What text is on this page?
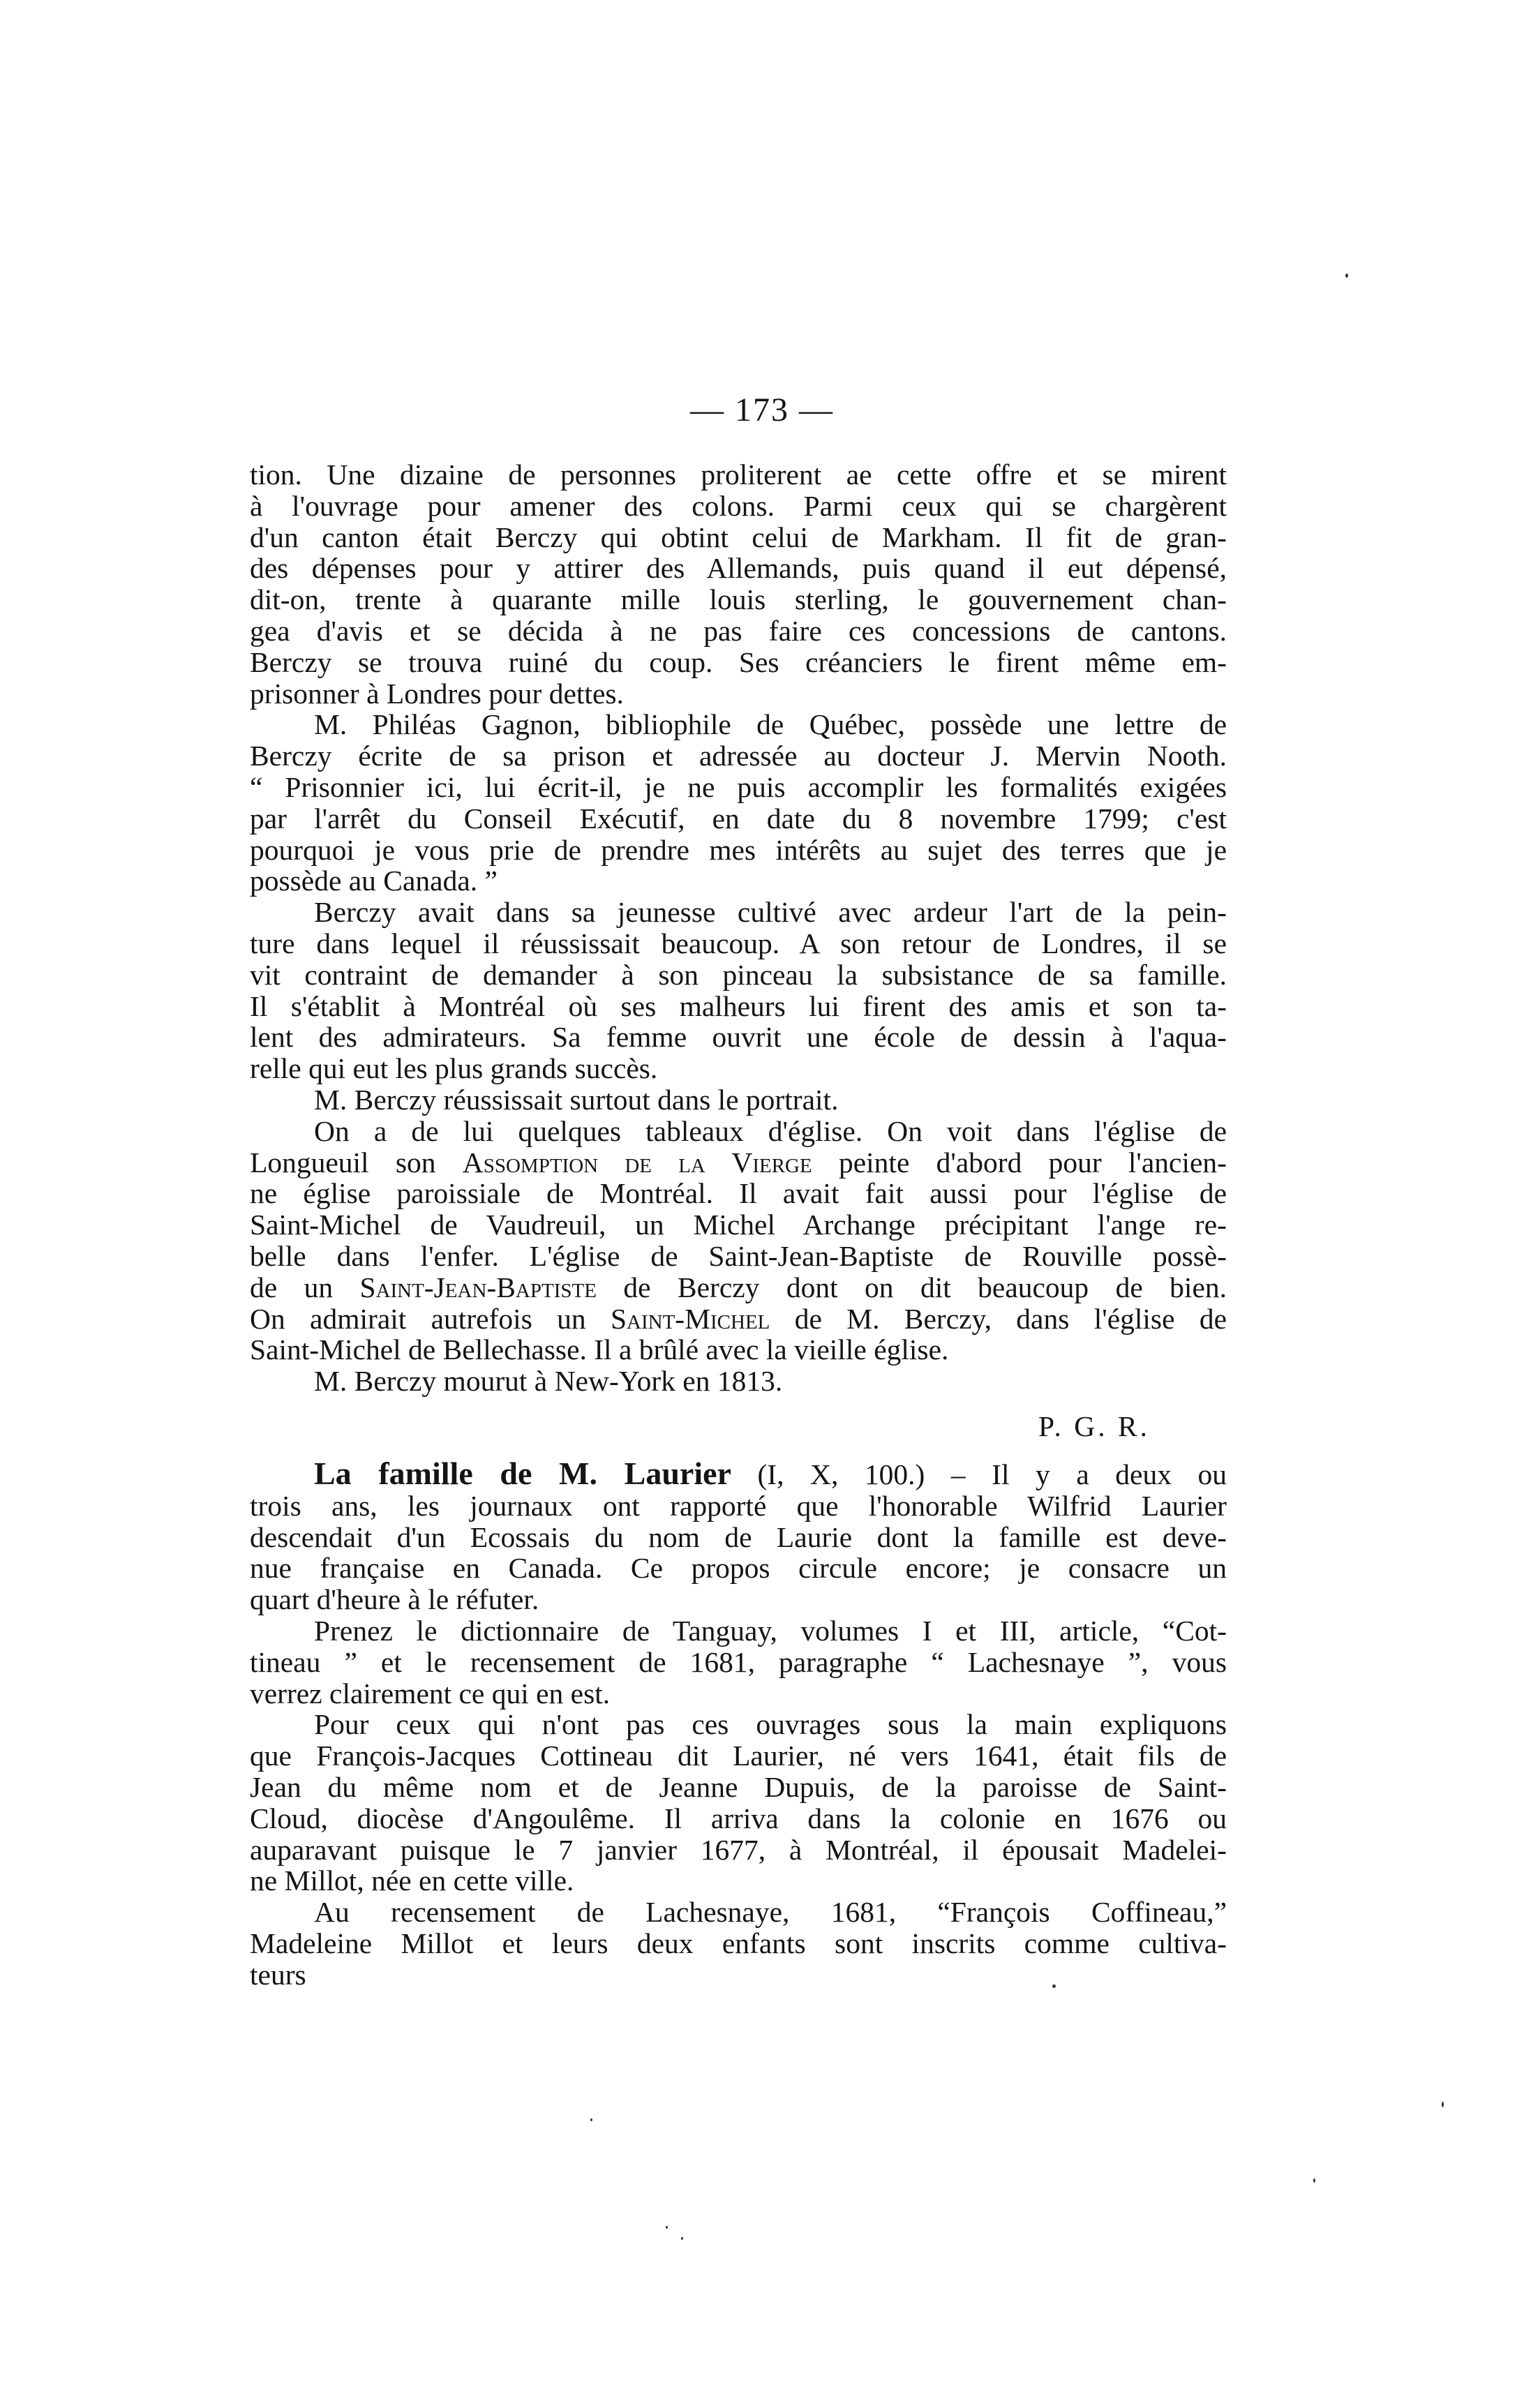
— 173 —
tion. Une dizaine de personnes proliterent ae cette offre et se mirent
à l'ouvrage pour amener des colons. Parmi ceux qui se chargèrent
d'un canton était Berczy qui obtint celui de Markham. Il fit de gran-
des dépenses pour y attirer des Allemands, puis quand il eut dépensé,
dit-on, trente à quarante mille louis sterling, le gouvernement chan-
gea d'avis et se décida à ne pas faire ces concessions de cantons.
Berczy se trouva ruiné du coup. Ses créanciers le firent même em-
prisonner à Londres pour dettes.
M. Philéas Gagnon, bibliophile de Québec, possède une lettre de
Berczy écrite de sa prison et adressée au docteur J. Mervin Nooth.
“ Prisonnier ici, lui écrit-il, je ne puis accomplir les formalités exigées
par l'arrêt du Conseil Exécutif, en date du 8 novembre 1799; c'est
pourquoi je vous prie de prendre mes intérêts au sujet des terres que je
possède au Canada. ”
Berczy avait dans sa jeunesse cultivé avec ardeur l'art de la pein-
ture dans lequel il réussissait beaucoup. A son retour de Londres, il se
vit contraint de demander à son pinceau la subsistance de sa famille.
Il s'établit à Montréal où ses malheurs lui firent des amis et son ta-
lent des admirateurs. Sa femme ouvrit une école de dessin à l'aqua-
relle qui eut les plus grands succès.
M. Berczy réussissait surtout dans le portrait.
On a de lui quelques tableaux d'église. On voit dans l'église de
Longueuil son Assomption de la Vierge peinte d'abord pour l'ancien-
ne église paroissiale de Montréal. Il avait fait aussi pour l'église de
Saint-Michel de Vaudreuil, un Michel Archange précipitant l'ange re-
belle dans l'enfer. L'église de Saint-Jean-Baptiste de Rouville possè-
de un Saint-Jean-Baptiste de Berczy dont on dit beaucoup de bien.
On admirait autrefois un Saint-Michel de M. Berczy, dans l'église de
Saint-Michel de Bellechasse. Il a brûlé avec la vieille église.
M. Berczy mourut à New-York en 1813.
P. G. R.
La famille de M. Laurier (I, X, 100.) – Il y a deux ou
trois ans, les journaux ont rapporté que l'honorable Wilfrid Laurier
descendait d'un Ecossais du nom de Laurie dont la famille est deve-
nue française en Canada. Ce propos circule encore; je consacre un
quart d'heure à le réfuter.
Prenez le dictionnaire de Tanguay, volumes I et III, article, “Cot-
tineau ” et le recensement de 1681, paragraphe “ Lachesnaye ”, vous
verrez clairement ce qui en est.
Pour ceux qui n'ont pas ces ouvrages sous la main expliquons
que François-Jacques Cottineau dit Laurier, né vers 1641, était fils de
Jean du même nom et de Jeanne Dupuis, de la paroisse de Saint-
Cloud, diocèse d'Angoulême. Il arriva dans la colonie en 1676 ou
auparavant puisque le 7 janvier 1677, à Montréal, il épousait Madelei-
ne Millot, née en cette ville.
Au recensement de Lachesnaye, 1681, “François Coffineau,”
Madeleine Millot et leurs deux enfants sont inscrits comme cultiva-
teurs
